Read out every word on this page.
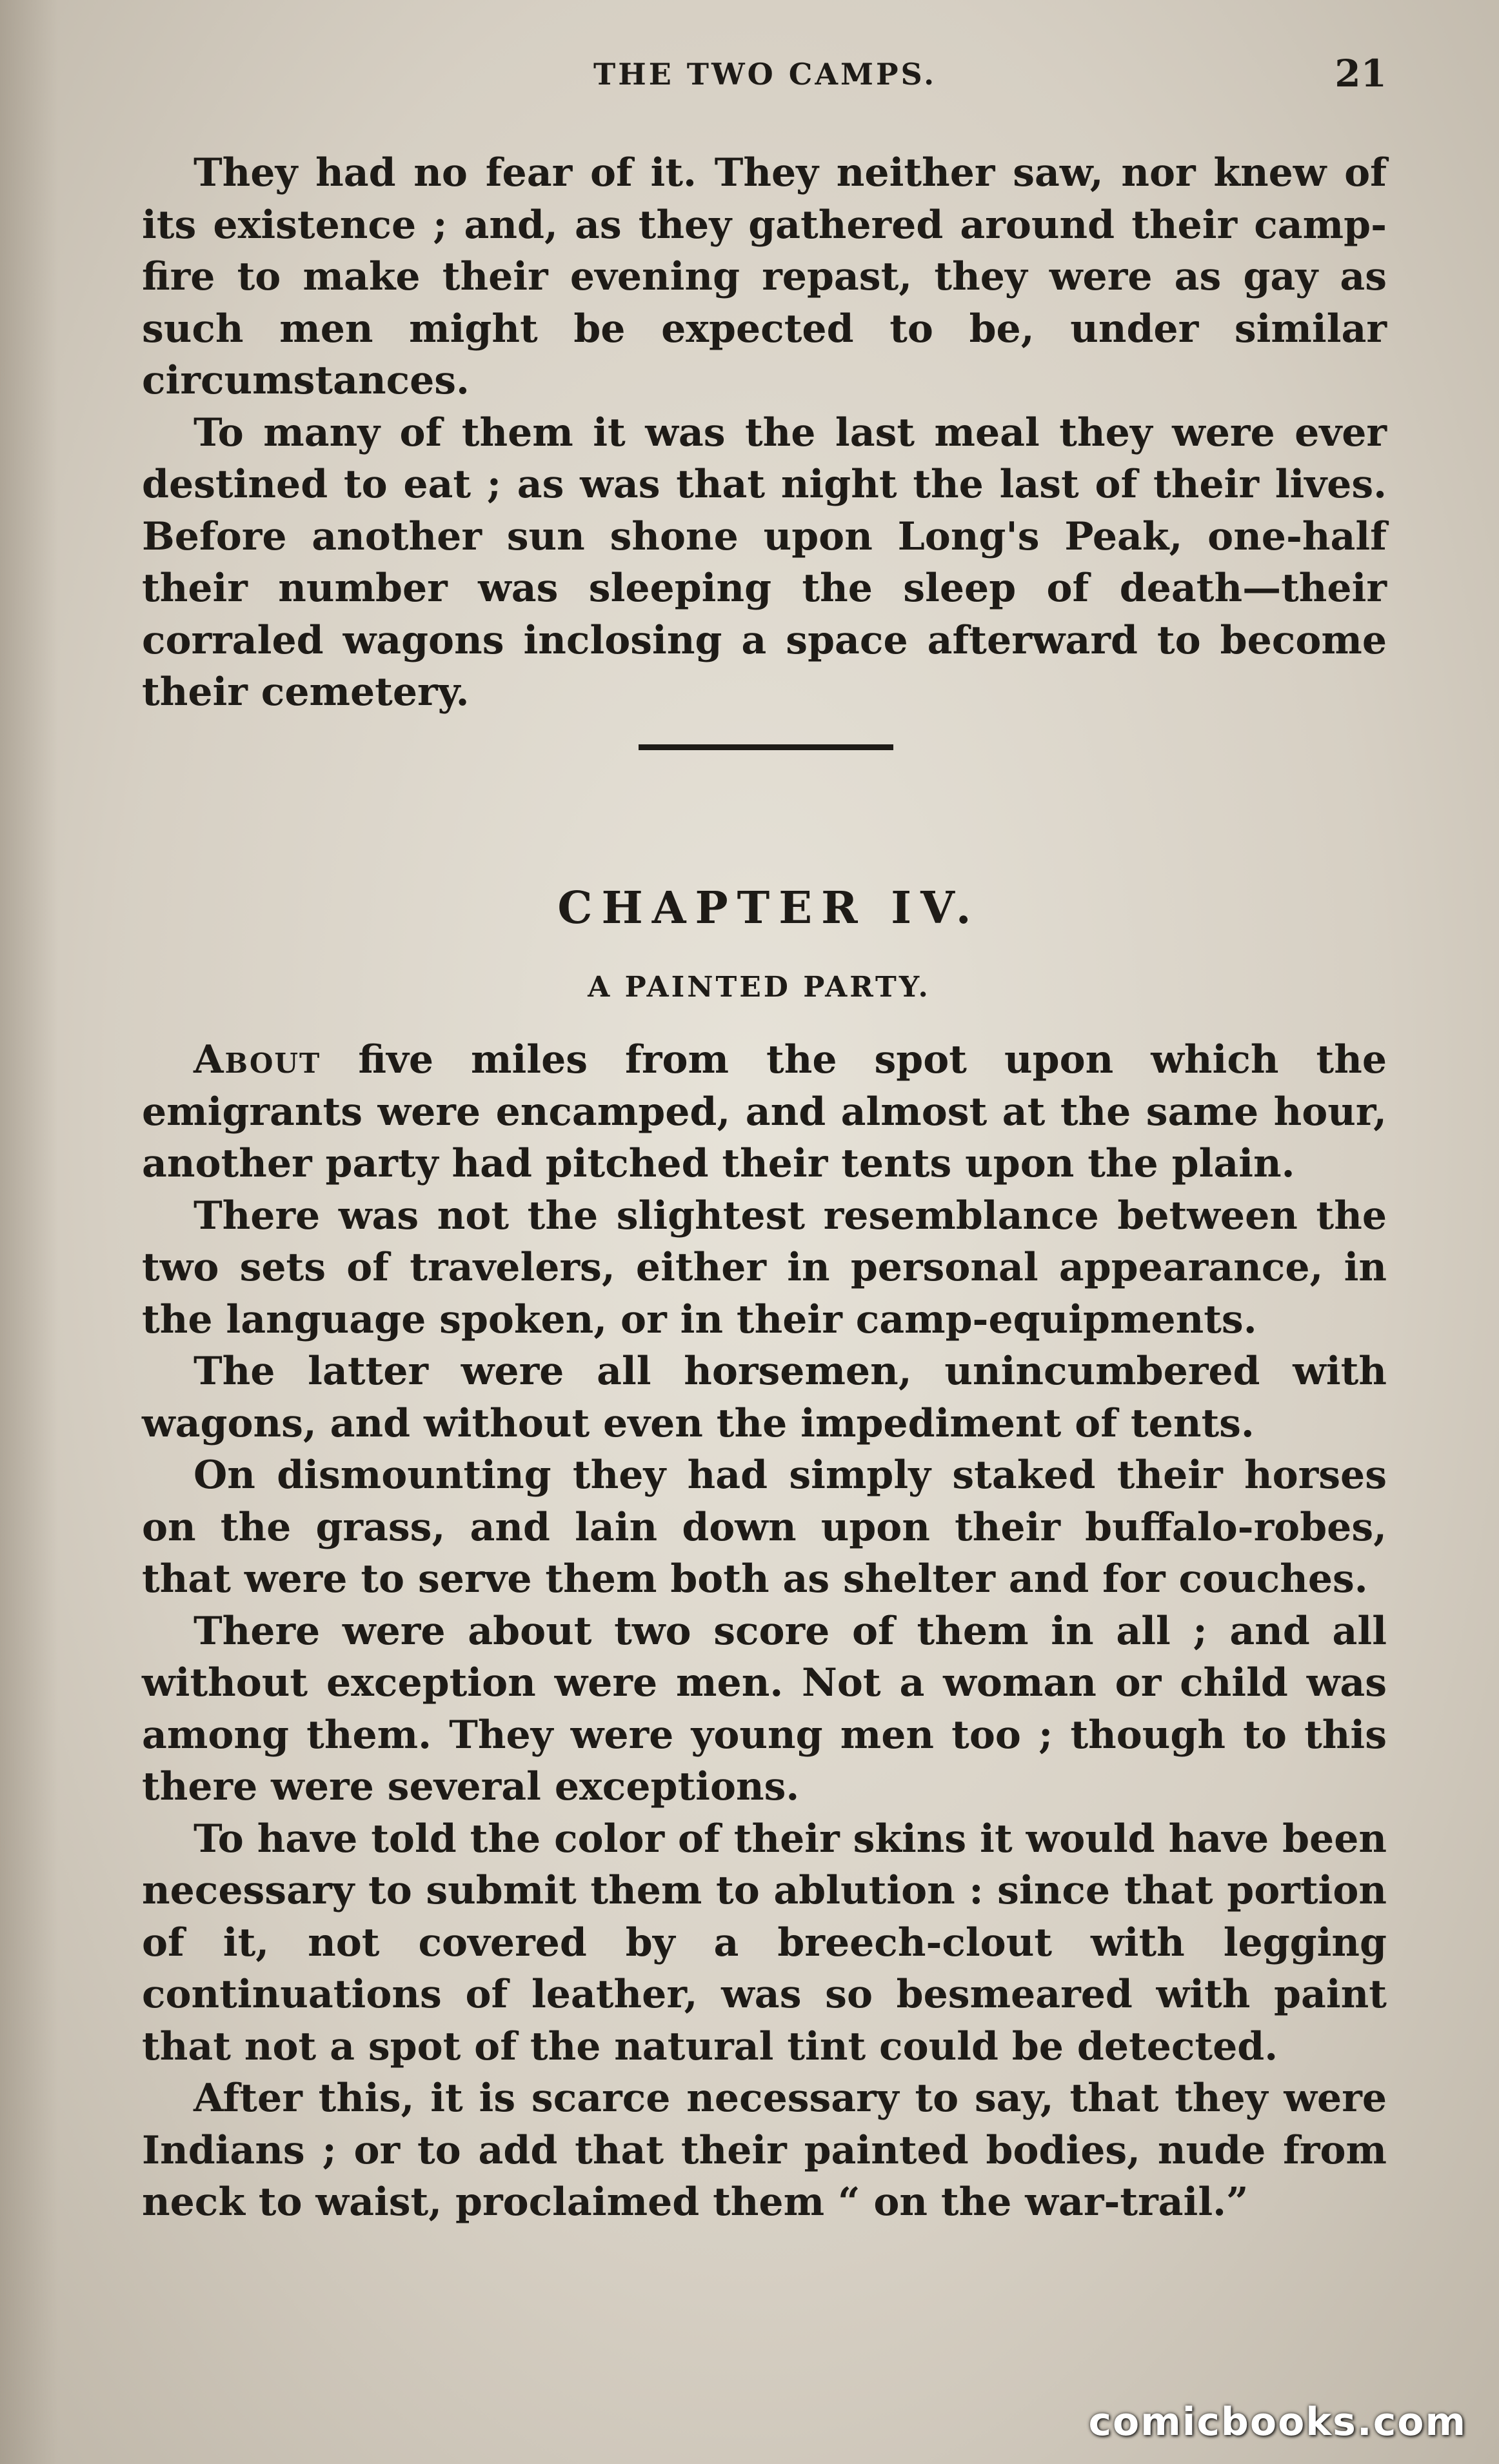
THE TWO CAMPS.	21

They had no fear of it. They neither saw, nor knew of its existence ; and, as they gathered around their camp-fire to make their evening repast, they were as gay as such men might be expected to be, under similar circumstances.

To many of them it was the last meal they were ever destined to eat ; as was that night the last of their lives. Before another sun shone upon Long's Peak, one-half their number was sleeping the sleep of death—their corraled wagons inclosing a space afterward to become their cemetery.

CHAPTER IV.
A PAINTED PARTY.

About five miles from the spot upon which the emigrants were encamped, and almost at the same hour, another party had pitched their tents upon the plain.

There was not the slightest resemblance between the two sets of travelers, either in personal appearance, in the language spoken, or in their camp-equipments.

The latter were all horsemen, unincumbered with wagons, and without even the impediment of tents.

On dismounting they had simply staked their horses on the grass, and lain down upon their buffalo-robes, that were to serve them both as shelter and for couches.

There were about two score of them in all ; and all without exception were men. Not a woman or child was among them. They were young men too ; though to this there were several exceptions.

To have told the color of their skins it would have been necessary to submit them to ablution : since that portion of it, not covered by a breech-clout with legging continuations of leather, was so besmeared with paint that not a spot of the natural tint could be detected.

After this, it is scarce necessary to say, that they were Indians ; or to add that their painted bodies, nude from neck to waist, proclaimed them “ on the war-trail.”

comicbooks.com
